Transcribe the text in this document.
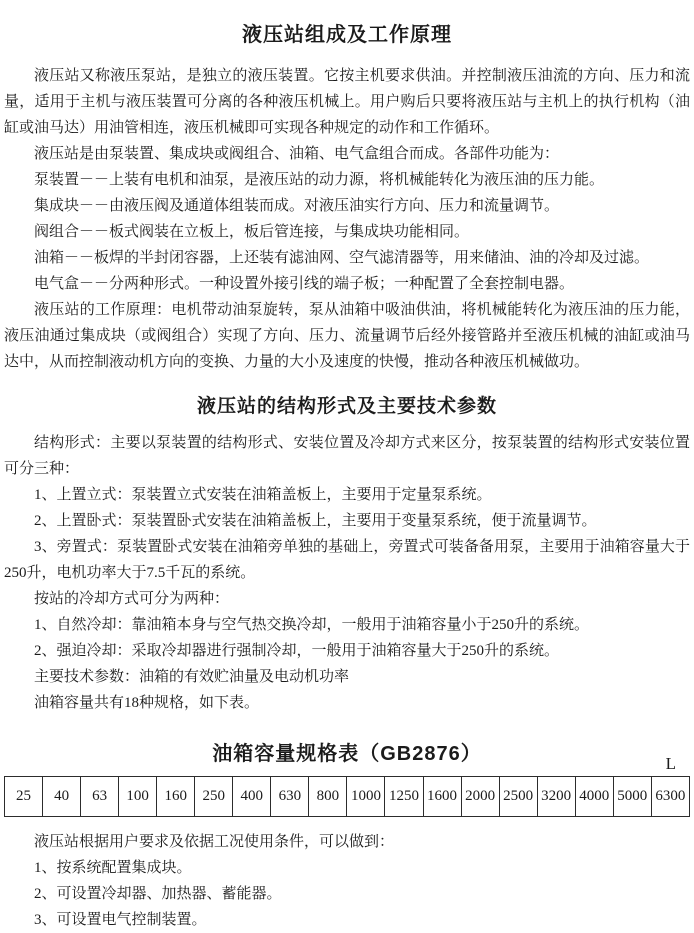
液压站组成及工作原理

液压站又称液压泵站，是独立的液压装置。它按主机要求供油。并控制液压油流的方向、压力和流量，适用于主机与液压装置可分离的各种液压机械上。用户购后只要将液压站与主机上的执行机构（油缸或油马达）用油管相连，液压机械即可实现各种规定的动作和工作循环。

液压站是由泵装置、集成块或阀组合、油箱、电气盒组合而成。各部件功能为：

泵装置－－上装有电机和油泵，是液压站的动力源，将机械能转化为液压油的压力能。

集成块－－由液压阀及通道体组装而成。对液压油实行方向、压力和流量调节。

阀组合－－板式阀装在立板上，板后管连接，与集成块功能相同。

油箱－－板焊的半封闭容器，上还装有滤油网、空气滤清器等，用来储油、油的冷却及过滤。

电气盒－－分两种形式。一种设置外接引线的端子板；一种配置了全套控制电器。

液压站的工作原理：电机带动油泵旋转，泵从油箱中吸油供油，将机械能转化为液压油的压力能，液压油通过集成块（或阀组合）实现了方向、压力、流量调节后经外接管路并至液压机械的油缸或油马达中，从而控制液动机方向的变换、力量的大小及速度的快慢，推动各种液压机械做功。

液压站的结构形式及主要技术参数

结构形式：主要以泵装置的结构形式、安装位置及冷却方式来区分，按泵装置的结构形式安装位置可分三种：

1、上置立式：泵装置立式安装在油箱盖板上，主要用于定量泵系统。

2、上置卧式：泵装置卧式安装在油箱盖板上，主要用于变量泵系统，便于流量调节。

3、旁置式：泵装置卧式安装在油箱旁单独的基础上，旁置式可装备备用泵，主要用于油箱容量大于250升，电机功率大于7.5千瓦的系统。

按站的冷却方式可分为两种：

1、自然冷却：靠油箱本身与空气热交换冷却，一般用于油箱容量小于250升的系统。

2、强迫冷却：采取冷却器进行强制冷却，一般用于油箱容量大于250升的系统。

主要技术参数：油箱的有效贮油量及电动机功率

油箱容量共有18种规格，如下表。

油箱容量规格表（GB2876）	L
25	40	63	100	160	250	400	630	800	1000	1250	1600	2000	2500	3200	4000	5000	6300

液压站根据用户要求及依据工况使用条件，可以做到：

1、按系统配置集成块。

2、可设置冷却器、加热器、蓄能器。

3、可设置电气控制装置。
